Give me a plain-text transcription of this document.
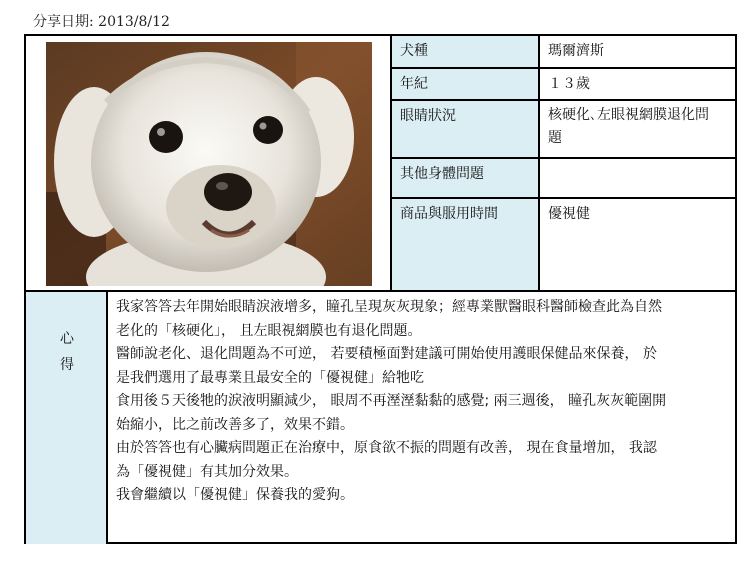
分享日期: 2013/8/12
犬種	瑪爾濟斯
年紀	１３歲
眼睛狀況	核硬化､左眼視網膜退化問
題
其他身體問題
商品與服用時間	優視健
心
得

我家答答去年開始眼睛淚液增多，瞳孔呈現灰灰現象；經專業獸醫眼科醫師檢查此為自然

老化的「核硬化」， 且左眼視網膜也有退化問題。

醫師說老化、退化問題為不可逆， 若要積極面對建議可開始使用護眼保健品來保養， 於

是我們選用了最專業且最安全的「優視健」給牠吃

食用後５天後牠的淚液明顯減少， 眼周不再溼溼黏黏的感覺; 兩三週後， 瞳孔灰灰範圍開

始縮小，比之前改善多了，效果不錯。

由於答答也有心臟病問題正在治療中，原食欲不振的問題有改善， 現在食量增加， 我認

為「優視健」有其加分效果。

我會繼續以「優視健」保養我的愛狗。
